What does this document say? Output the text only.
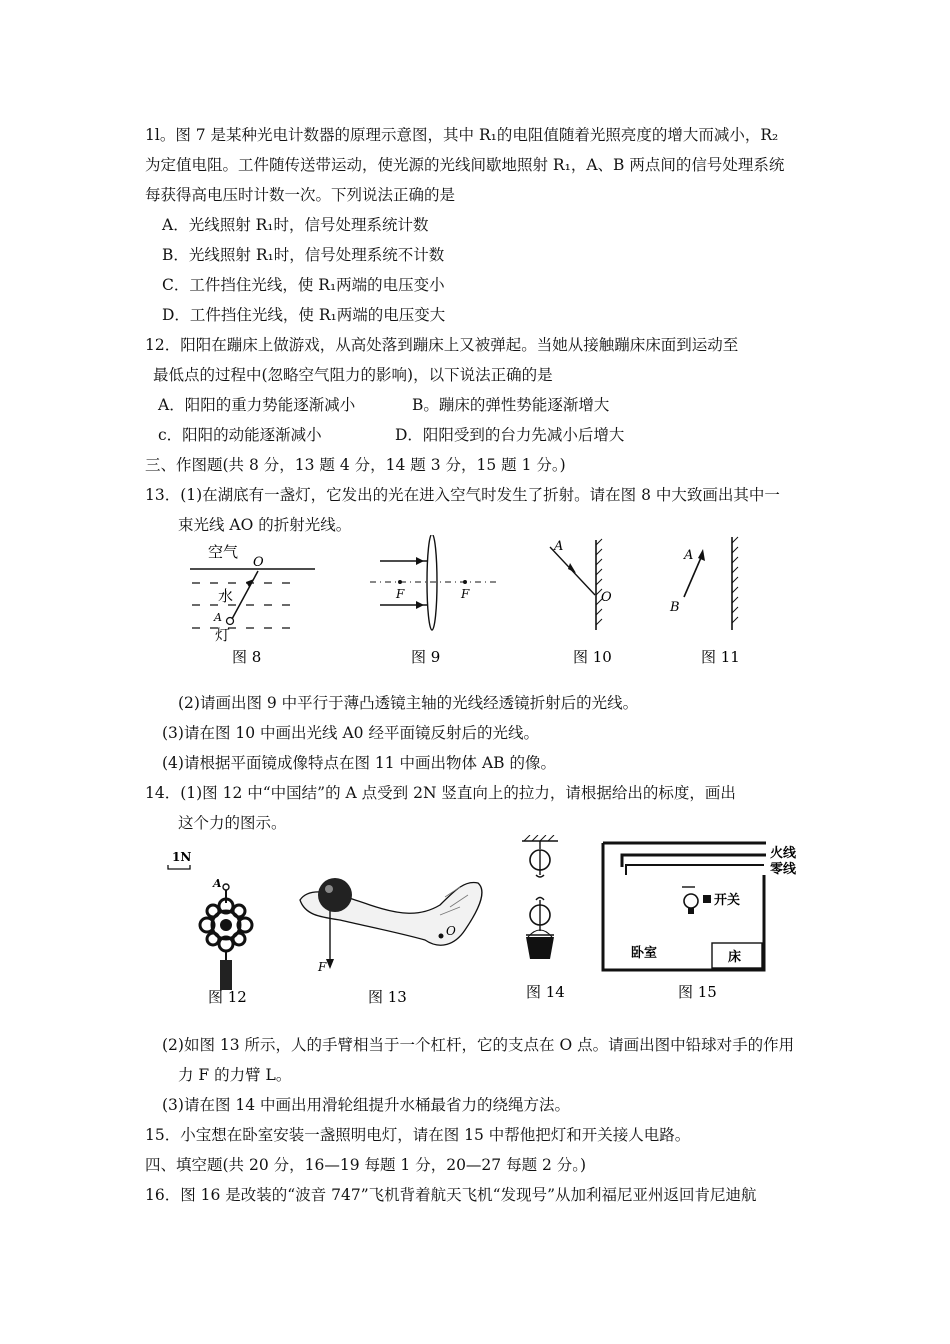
1l。图 7 是某种光电计数器的原理示意图，其中 R₁的电阻值随着光照亮度的增大而减小，R₂
为定值电阻。工件随传送带运动，使光源的光线间歇地照射 R₁，A、B 两点间的信号处理系统
每获得高电压时计数一次。下列说法正确的是
A．光线照射 R₁时，信号处理系统计数
B．光线照射 R₁时，信号处理系统不计数
C．工件挡住光线，使 R₁两端的电压变小
D．工件挡住光线，使 R₁两端的电压变大
12．阳阳在蹦床上做游戏，从高处落到蹦床上又被弹起。当她从接触蹦床床面到运动至
最低点的过程中(忽略空气阻力的影响)，以下说法正确的是
A．阳阳的重力势能逐渐减小	B。蹦床的弹性势能逐渐增大
c．阳阳的动能逐渐减小	D．阳阳受到的台力先减小后增大
三、作图题(共 8 分，13 题 4 分，14 题 3 分，15 题 1 分。)
13．(1)在湖底有一盏灯，它发出的光在进入空气时发生了折射。请在图 8 中大致画出其中一
束光线 AO 的折射光线。
空气
O
水
A
灯
图 8
F	F
图 9
A
O
图 10
A
B
图 11
(2)请画出图 9 中平行于薄凸透镜主轴的光线经透镜折射后的光线。
(3)请在图 10 中画出光线 A0 经平面镜反射后的光线。
(4)请根据平面镜成像特点在图 11 中画出物体 AB 的像。
14．(1)图 12 中“中国结”的 A 点受到 2N 竖直向上的拉力，请根据给出的标度，画出
这个力的图示。
1N
A
图 12
F
O
图 13	图 14
火线
零线
开关
卧室	床
图 15
(2)如图 13 所示，人的手臂相当于一个杠杆，它的支点在 O 点。请画出图中铅球对手的作用
力 F 的力臂 L。
(3)请在图 14 中画出用滑轮组提升水桶最省力的绕绳方法。
15．小宝想在卧室安装一盏照明电灯，请在图 15 中帮他把灯和开关接人电路。
四、填空题(共 20 分，16—19 每题 1 分，20—27 每题 2 分。)
16．图 16 是改装的“波音 747”飞机背着航天飞机“发现号”从加利福尼亚州返回肯尼迪航
